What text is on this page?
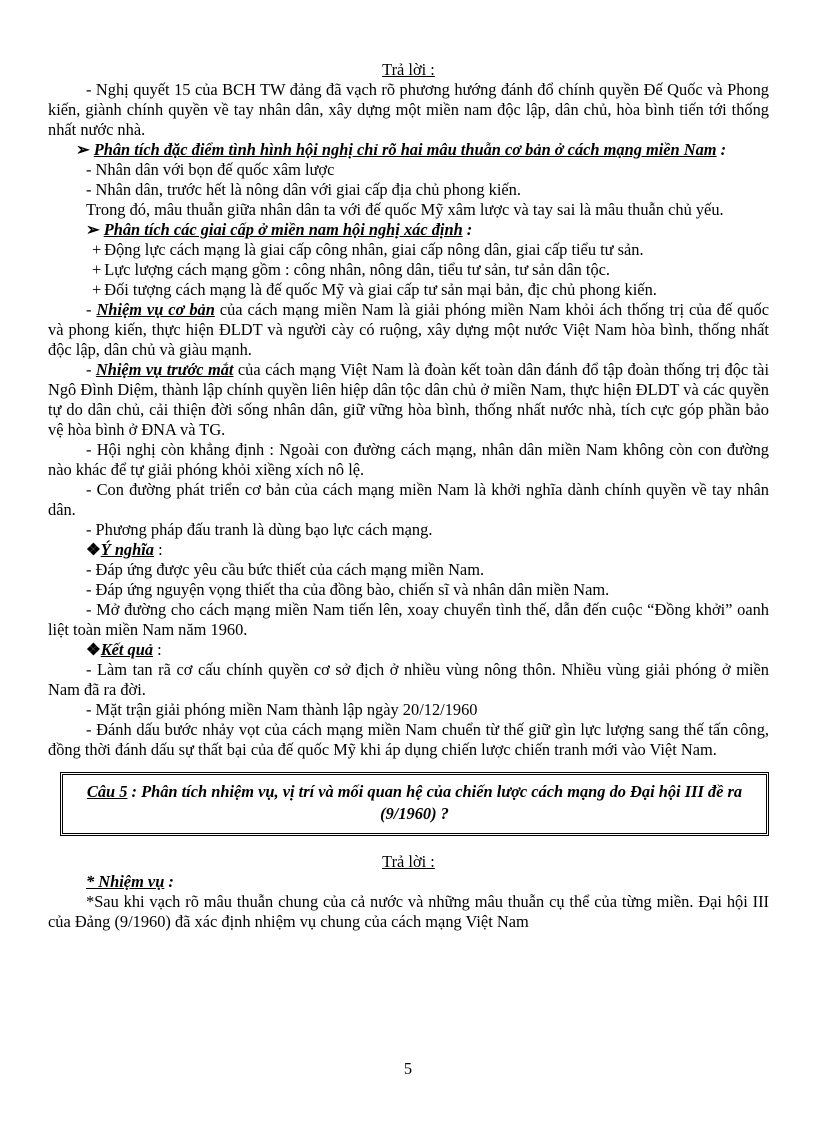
Trả lời :

- Nghị quyết 15 của BCH TW đảng đã vạch rõ phương hướng đánh đổ chính quyền Đế Quốc và Phong kiến, giành chính quyền về tay nhân dân, xây dựng một miền nam độc lập, dân chủ, hòa bình tiến tới thống nhất nước nhà.

➢ Phân tích đặc điểm tình hình hội nghị chỉ rõ hai mâu thuẫn cơ bản ở cách mạng miền Nam :

- Nhân dân với bọn đế quốc xâm lược

- Nhân dân, trước hết là nông dân với giai cấp địa chủ phong kiến.

Trong đó, mâu thuẫn giữa nhân dân ta với đế quốc Mỹ xâm lược và tay sai là mâu thuẫn chủ yếu.

➢ Phân tích các giai cấp ở miền nam hội nghị xác định :

+ Động lực cách mạng là giai cấp công nhân, giai cấp nông dân, giai cấp tiểu tư sản.

+ Lực lượng cách mạng gồm : công nhân, nông dân, tiểu tư sản, tư sản dân tộc.

+ Đối tượng cách mạng là đế quốc Mỹ và giai cấp tư sản mại bản, địc chủ phong kiến.

- Nhiệm vụ cơ bản của cách mạng miền Nam là giải phóng miền Nam khỏi ách thống trị của đế quốc và phong kiến, thực hiện ĐLDT và người cày có ruộng, xây dựng một nước Việt Nam hòa bình, thống nhất độc lập, dân chủ và giàu mạnh.

- Nhiệm vụ trước mắt của cách mạng Việt Nam là đoàn kết toàn dân đánh đổ tập đoàn thống trị độc tài Ngô Đình Diệm, thành lập chính quyền liên hiệp dân tộc dân chủ ở miền Nam, thực hiện ĐLDT và các quyền tự do dân chủ, cải thiện đời sống nhân dân, giữ vững hòa bình, thống nhất nước nhà, tích cực góp phần bảo vệ hòa bình ở ĐNA và TG.

- Hội nghị còn khẳng định : Ngoài con đường cách mạng, nhân dân miền Nam không còn con đường nào khác để tự giải phóng khỏi xiềng xích nô lệ.

- Con đường phát triển cơ bản của cách mạng miền Nam là khởi nghĩa dành chính quyền về tay nhân dân.

- Phương pháp đấu tranh là dùng bạo lực cách mạng.

❖Ý nghĩa :

- Đáp ứng được yêu cầu bức thiết của cách mạng miền Nam.

- Đáp ứng nguyện vọng thiết tha của đồng bào, chiến sĩ và nhân dân miền Nam.

- Mở đường cho cách mạng miền Nam tiến lên, xoay chuyển tình thế, dẫn đến cuộc “Đồng khởi” oanh liệt toàn miền Nam năm 1960.

❖Kết quả :

- Làm tan rã cơ cấu chính quyền cơ sở địch ở nhiều vùng nông thôn. Nhiều vùng giải phóng ở miền Nam đã ra đời.

- Mặt trận giải phóng miền Nam thành lập ngày 20/12/1960

- Đánh dấu bước nhảy vọt của cách mạng miền Nam chuển từ thế giữ gìn lực lượng sang thế tấn công, đồng thời đánh dấu sự thất bại của đế quốc Mỹ khi áp dụng chiến lược chiến tranh mới vào Việt Nam.

Câu 5 : Phân tích nhiệm vụ, vị trí và mối quan hệ của chiến lược cách mạng do Đại hội III đề ra (9/1960) ?

Trả lời :

* Nhiệm vụ :

*Sau khi vạch rõ mâu thuẫn chung của cả nước và những mâu thuẫn cụ thể của từng miền. Đại hội III của Đảng (9/1960) đã xác định nhiệm vụ chung của cách mạng Việt Nam

5
